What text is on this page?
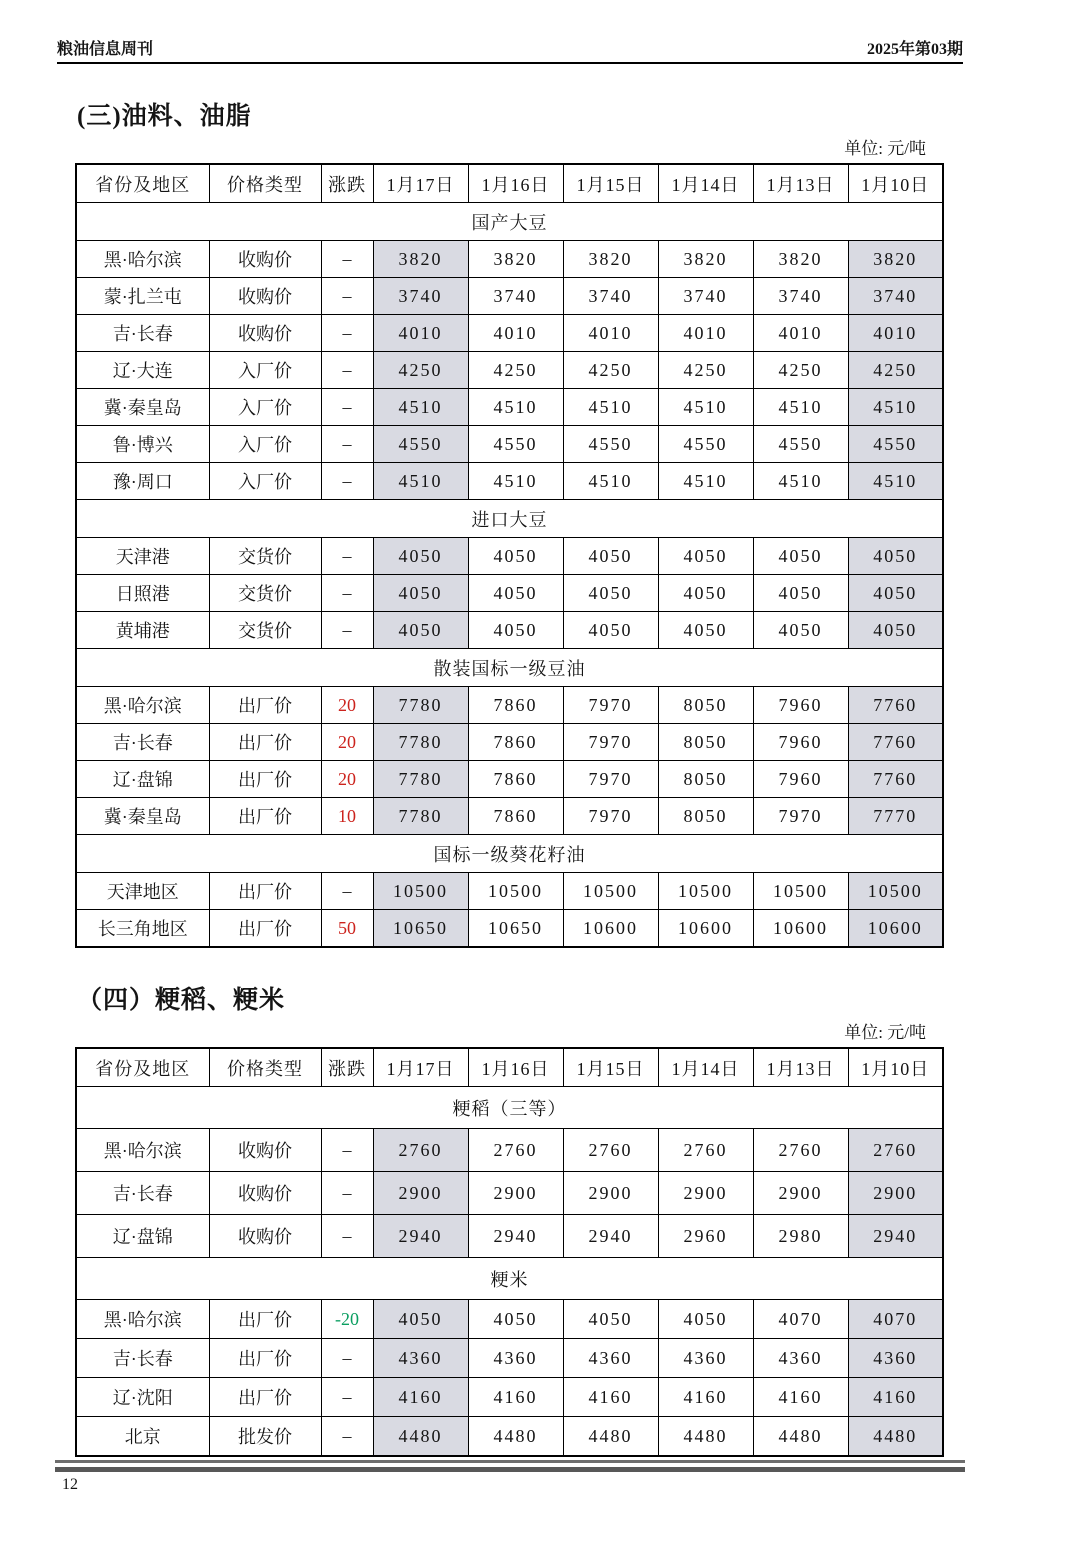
粮油信息周刊	2025年第03期
(三)油料、油脂
单位: 元/吨
省份及地区	价格类型	涨跌	1月17日	1月16日	1月15日	1月14日	1月13日	1月10日
国产大豆								
黑·哈尔滨	收购价	–	3820	3820	3820	3820	3820	3820
蒙·扎兰屯	收购价	–	3740	3740	3740	3740	3740	3740
吉·长春	收购价	–	4010	4010	4010	4010	4010	4010
辽·大连	入厂价	–	4250	4250	4250	4250	4250	4250
冀·秦皇岛	入厂价	–	4510	4510	4510	4510	4510	4510
鲁·博兴	入厂价	–	4550	4550	4550	4550	4550	4550
豫·周口	入厂价	–	4510	4510	4510	4510	4510	4510
进口大豆								
天津港	交货价	–	4050	4050	4050	4050	4050	4050
日照港	交货价	–	4050	4050	4050	4050	4050	4050
黄埔港	交货价	–	4050	4050	4050	4050	4050	4050
散装国标一级豆油								
黑·哈尔滨	出厂价	20	7780	7860	7970	8050	7960	7760
吉·长春	出厂价	20	7780	7860	7970	8050	7960	7760
辽·盘锦	出厂价	20	7780	7860	7970	8050	7960	7760
冀·秦皇岛	出厂价	10	7780	7860	7970	8050	7970	7770
国标一级葵花籽油								
天津地区	出厂价	–	10500	10500	10500	10500	10500	10500
长三角地区	出厂价	50	10650	10650	10600	10600	10600	10600
（四）粳稻、粳米
单位: 元/吨
省份及地区	价格类型	涨跌	1月17日	1月16日	1月15日	1月14日	1月13日	1月10日
粳稻（三等）								
黑·哈尔滨	收购价	–	2760	2760	2760	2760	2760	2760
吉·长春	收购价	–	2900	2900	2900	2900	2900	2900
辽·盘锦	收购价	–	2940	2940	2940	2960	2980	2940
粳米								
黑·哈尔滨	出厂价	-20	4050	4050	4050	4050	4070	4070
吉·长春	出厂价	–	4360	4360	4360	4360	4360	4360
辽·沈阳	出厂价	–	4160	4160	4160	4160	4160	4160
北京	批发价	–	4480	4480	4480	4480	4480	4480
12
